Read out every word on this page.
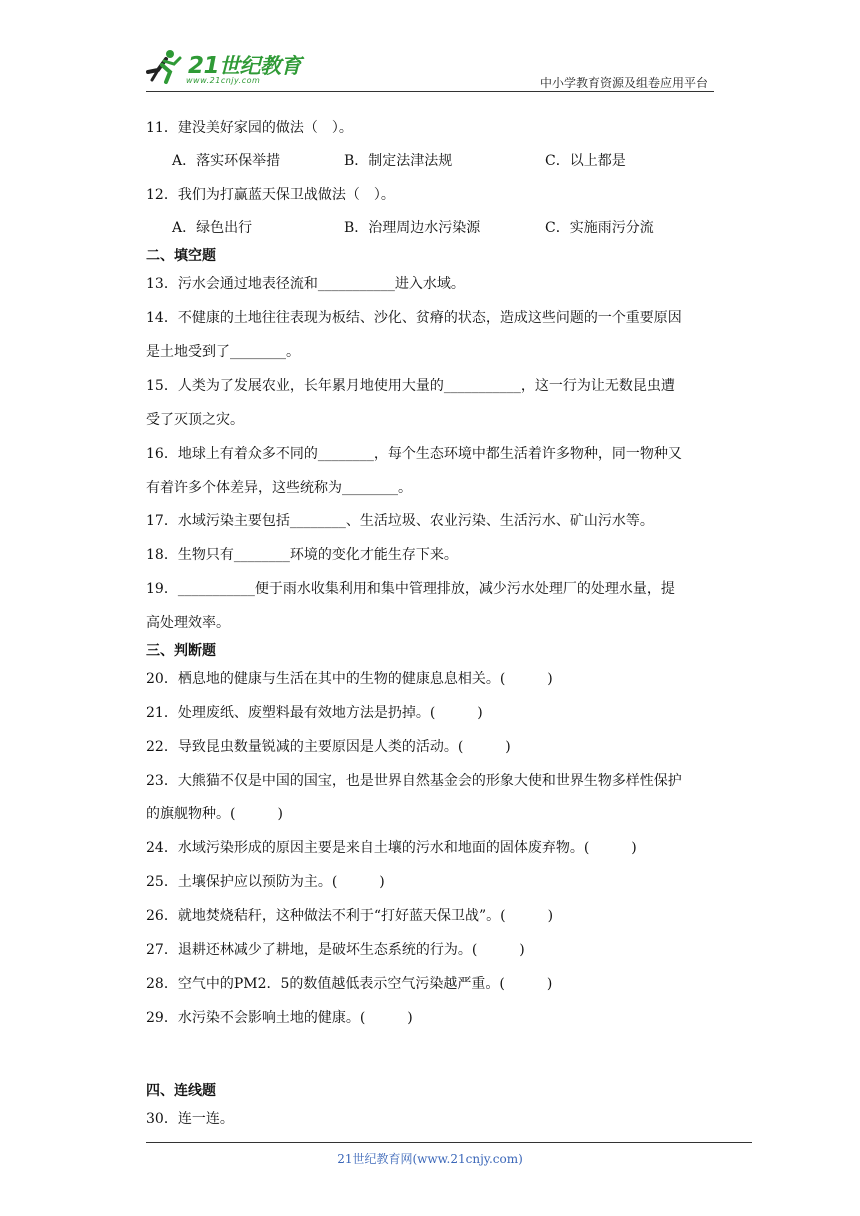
21世纪教育
www.21cnjy.com	中小学教育资源及组卷应用平台
11．建没美好家园的做法（　）。
A．落实环保举措	B．制定法津法规	C．以上都是
12．我们为打赢蓝天保卫战做法（　）。
A．绿色出行	B．治理周边水污染源	C．实施雨污分流
二、填空题
13．污水会通过地表径流和___________进入水域。
14．不健康的土地往往表现为板结、沙化、贫瘠的状态，造成这些问题的一个重要原因
是土地受到了________。
15．人类为了发展农业，长年累月地使用大量的___________，这一行为让无数昆虫遭
受了灭顶之灾。
16．地球上有着众多不同的________，每个生态环境中都生活着许多物种，同一物种又
有着许多个体差异，这些统称为________。
17．水域污染主要包括________、生活垃圾、农业污染、生活污水、矿山污水等。
18．生物只有________环境的变化才能生存下来。
19．___________便于雨水收集利用和集中管理排放，减少污水处理厂的处理水量，提
高处理效率。
三、判断题
20．栖息地的健康与生活在其中的生物的健康息息相关。(　　　)
21．处理废纸、废塑料最有效地方法是扔掉。(　　　)
22．导致昆虫数量锐减的主要原因是人类的活动。(　　　)
23．大熊猫不仅是中国的国宝，也是世界自然基金会的形象大使和世界生物多样性保护
的旗舰物种。(　　　)
24．水域污染形成的原因主要是来自土壤的污水和地面的固体废弃物。(　　　)
25．土壤保护应以预防为主。(　　　)
26．就地焚烧秸秆，这种做法不利于“打好蓝天保卫战”。(　　　)
27．退耕还林减少了耕地，是破坏生态系统的行为。(　　　)
28．空气中的PM2．5的数值越低表示空气污染越严重。(　　　)
29．水污染不会影响土地的健康。(　　　)
四、连线题
30．连一连。
21世纪教育网(www.21cnjy.com)
